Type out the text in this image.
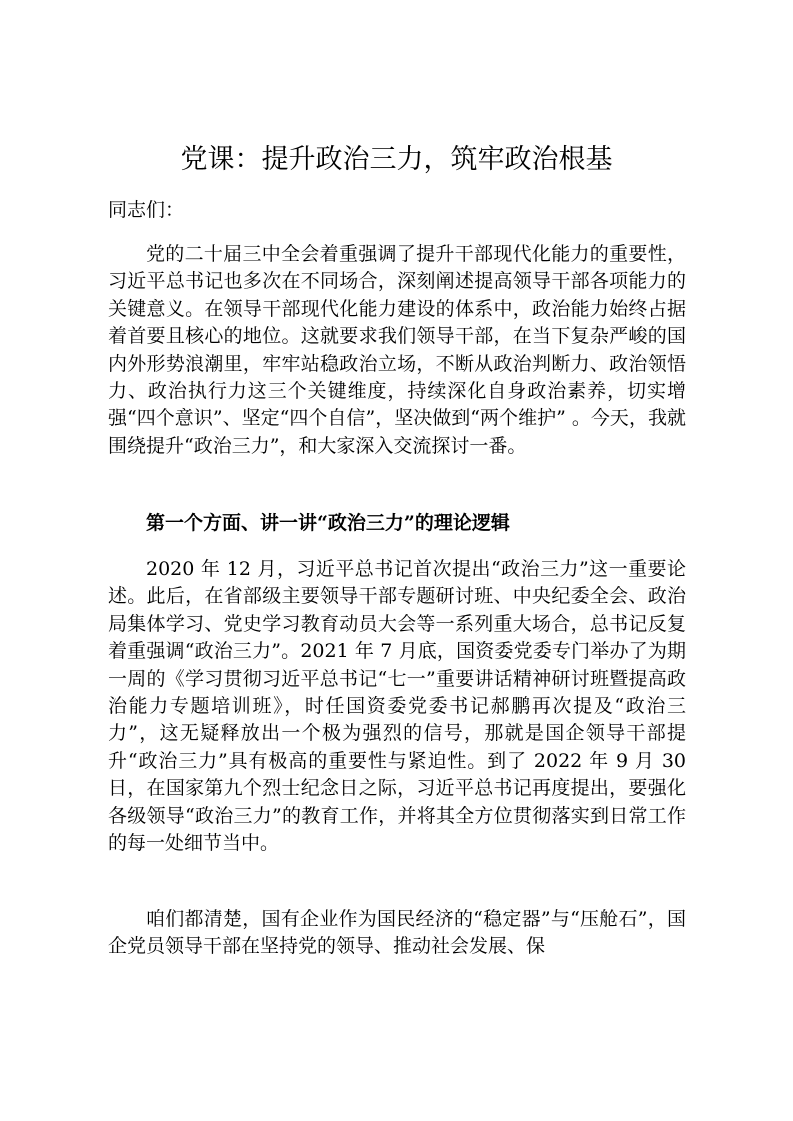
党课：提升政治三力，筑牢政治根基

同志们：

党的二十届三中全会着重强调了提升干部现代化能力的重要性，习近平总书记也多次在不同场合，深刻阐述提高领导干部各项能力的关键意义。在领导干部现代化能力建设的体系中，政治能力始终占据着首要且核心的地位。这就要求我们领导干部，在当下复杂严峻的国内外形势浪潮里，牢牢站稳政治立场，不断从政治判断力、政治领悟力、政治执行力这三个关键维度，持续深化自身政治素养，切实增强“四个意识”、坚定“四个自信”，坚决做到“两个维护” 。今天，我就围绕提升“政治三力”，和大家深入交流探讨一番。

第一个方面、讲一讲“政治三力”的理论逻辑

2020 年 12 月，习近平总书记首次提出“政治三力”这一重要论述。此后，在省部级主要领导干部专题研讨班、中央纪委全会、政治局集体学习、党史学习教育动员大会等一系列重大场合，总书记反复着重强调“政治三力”。2021 年 7 月底，国资委党委专门举办了为期一周的《学习贯彻习近平总书记“七一”重要讲话精神研讨班暨提高政治能力专题培训班》，时任国资委党委书记郝鹏再次提及“政治三力”，这无疑释放出一个极为强烈的信号，那就是国企领导干部提升“政治三力”具有极高的重要性与紧迫性。到了 2022 年 9 月 30 日，在国家第九个烈士纪念日之际，习近平总书记再度提出，要强化各级领导“政治三力”的教育工作，并将其全方位贯彻落实到日常工作的每一处细节当中。

咱们都清楚，国有企业作为国民经济的“稳定器”与“压舱石”，国企党员领导干部在坚持党的领导、推动社会发展、保
